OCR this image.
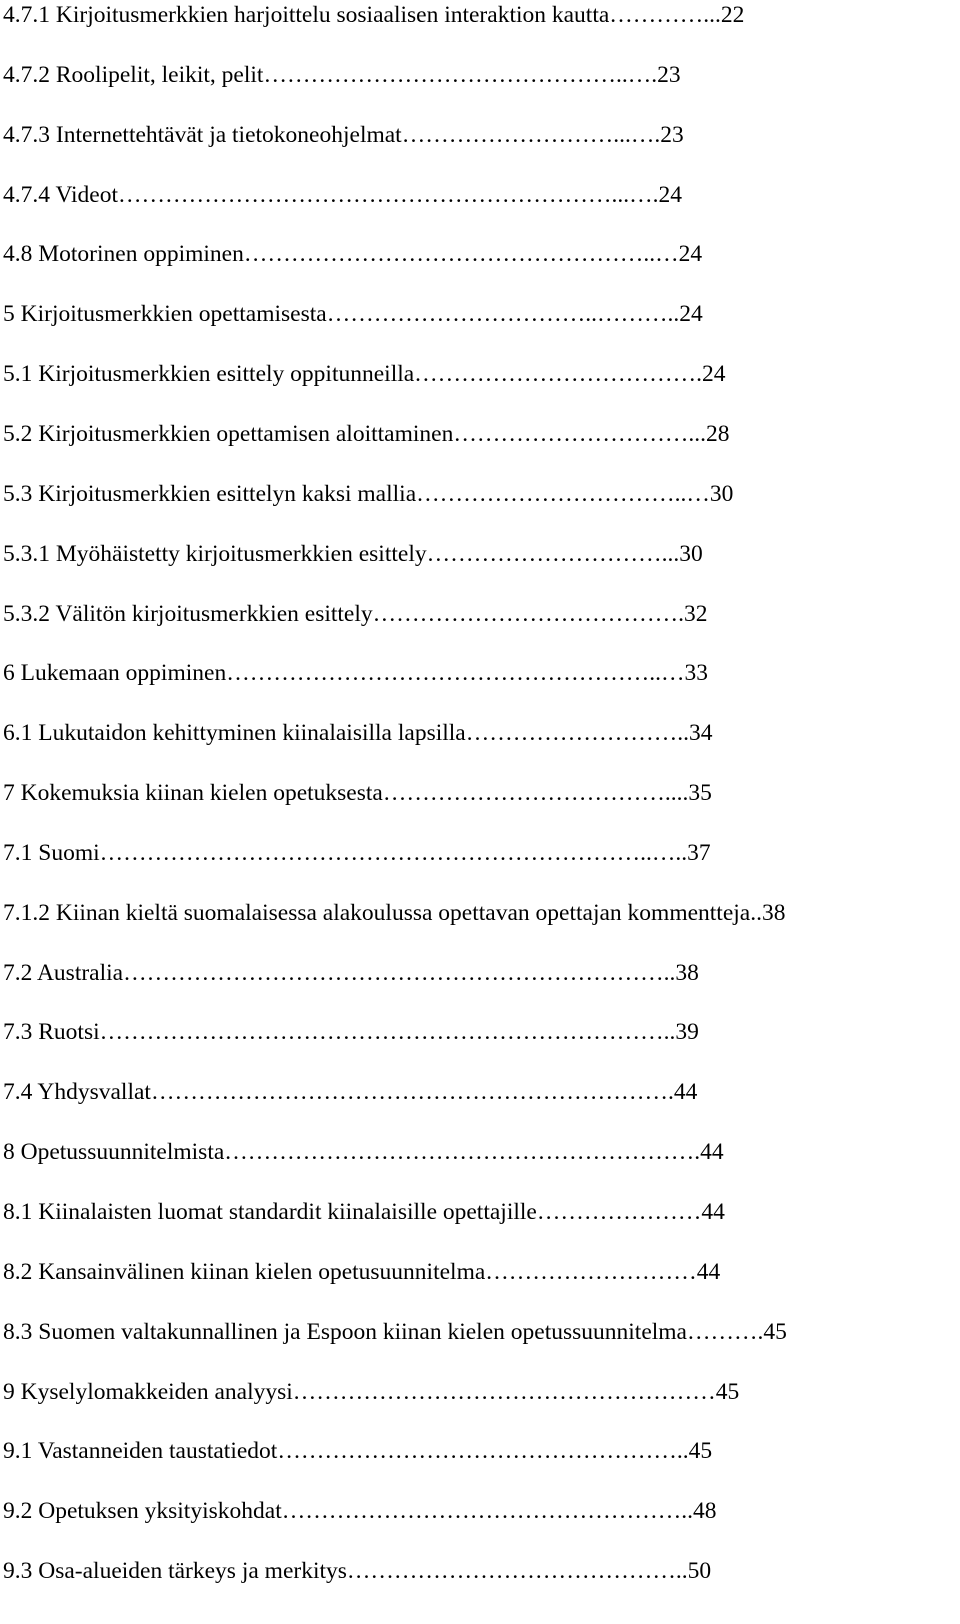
4.7.1 Kirjoitusmerkkien harjoittelu sosiaalisen interaktion kautta…………...22
4.7.2 Roolipelit, leikit, pelit………………………………………..….23
4.7.3 Internettehtävät ja tietokoneohjelmat………………………...….23
4.7.4 Videot………………………………………………………...….24
4.8 Motorinen oppiminen……………………………………………..…24
5 Kirjoitusmerkkien opettamisesta……………………………..………..24
5.1 Kirjoitusmerkkien esittely oppitunneilla……………………………….24
5.2 Kirjoitusmerkkien opettamisen aloittaminen…………………………...28
5.3 Kirjoitusmerkkien esittelyn kaksi mallia……………………………..…30
5.3.1 Myöhäistetty kirjoitusmerkkien esittely…………………………...30
5.3.2 Välitön kirjoitusmerkkien esittely………………………………….32
6 Lukemaan oppiminen………………………………………………..…33
6.1 Lukutaidon kehittyminen kiinalaisilla lapsilla………………………..34
7 Kokemuksia kiinan kielen opetuksesta………………………………....35
7.1 Suomi……………………………………………………………..…..37
7.1.2 Kiinan kieltä suomalaisessa alakoulussa opettavan opettajan kommentteja..38
7.2 Australia……………………………………………………………..38
7.3 Ruotsi………………………………………………………………..39
7.4 Yhdysvallat………………………………………………………….44
8 Opetussuunnitelmista…………………………………………………….44
8.1 Kiinalaisten luomat standardit kiinalaisille opettajille…………………44
8.2 Kansainvälinen kiinan kielen opetusuunnitelma………………………44
8.3 Suomen valtakunnallinen ja Espoon kiinan kielen opetussuunnitelma……….45
9 Kyselylomakkeiden analyysi………………………………………………45
9.1 Vastanneiden taustatiedot……………………………………………..45
9.2 Opetuksen yksityiskohdat……………………………………………..48
9.3 Osa-alueiden tärkeys ja merkitys……………………………………..50
